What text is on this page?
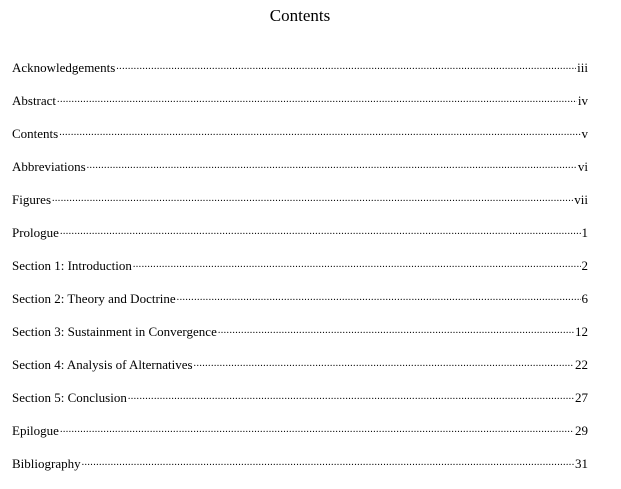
Contents
Acknowledgements .....	iii
Abstract .....	iv
Contents .....	v
Abbreviations .....	vi
Figures .....	vii
Prologue .....	1
Section 1: Introduction .....	2
Section 2: Theory and Doctrine .....	6
Section 3: Sustainment in Convergence .....	12
Section 4: Analysis of Alternatives .....	22
Section 5: Conclusion .....	27
Epilogue .....	29
Bibliography .....	31
